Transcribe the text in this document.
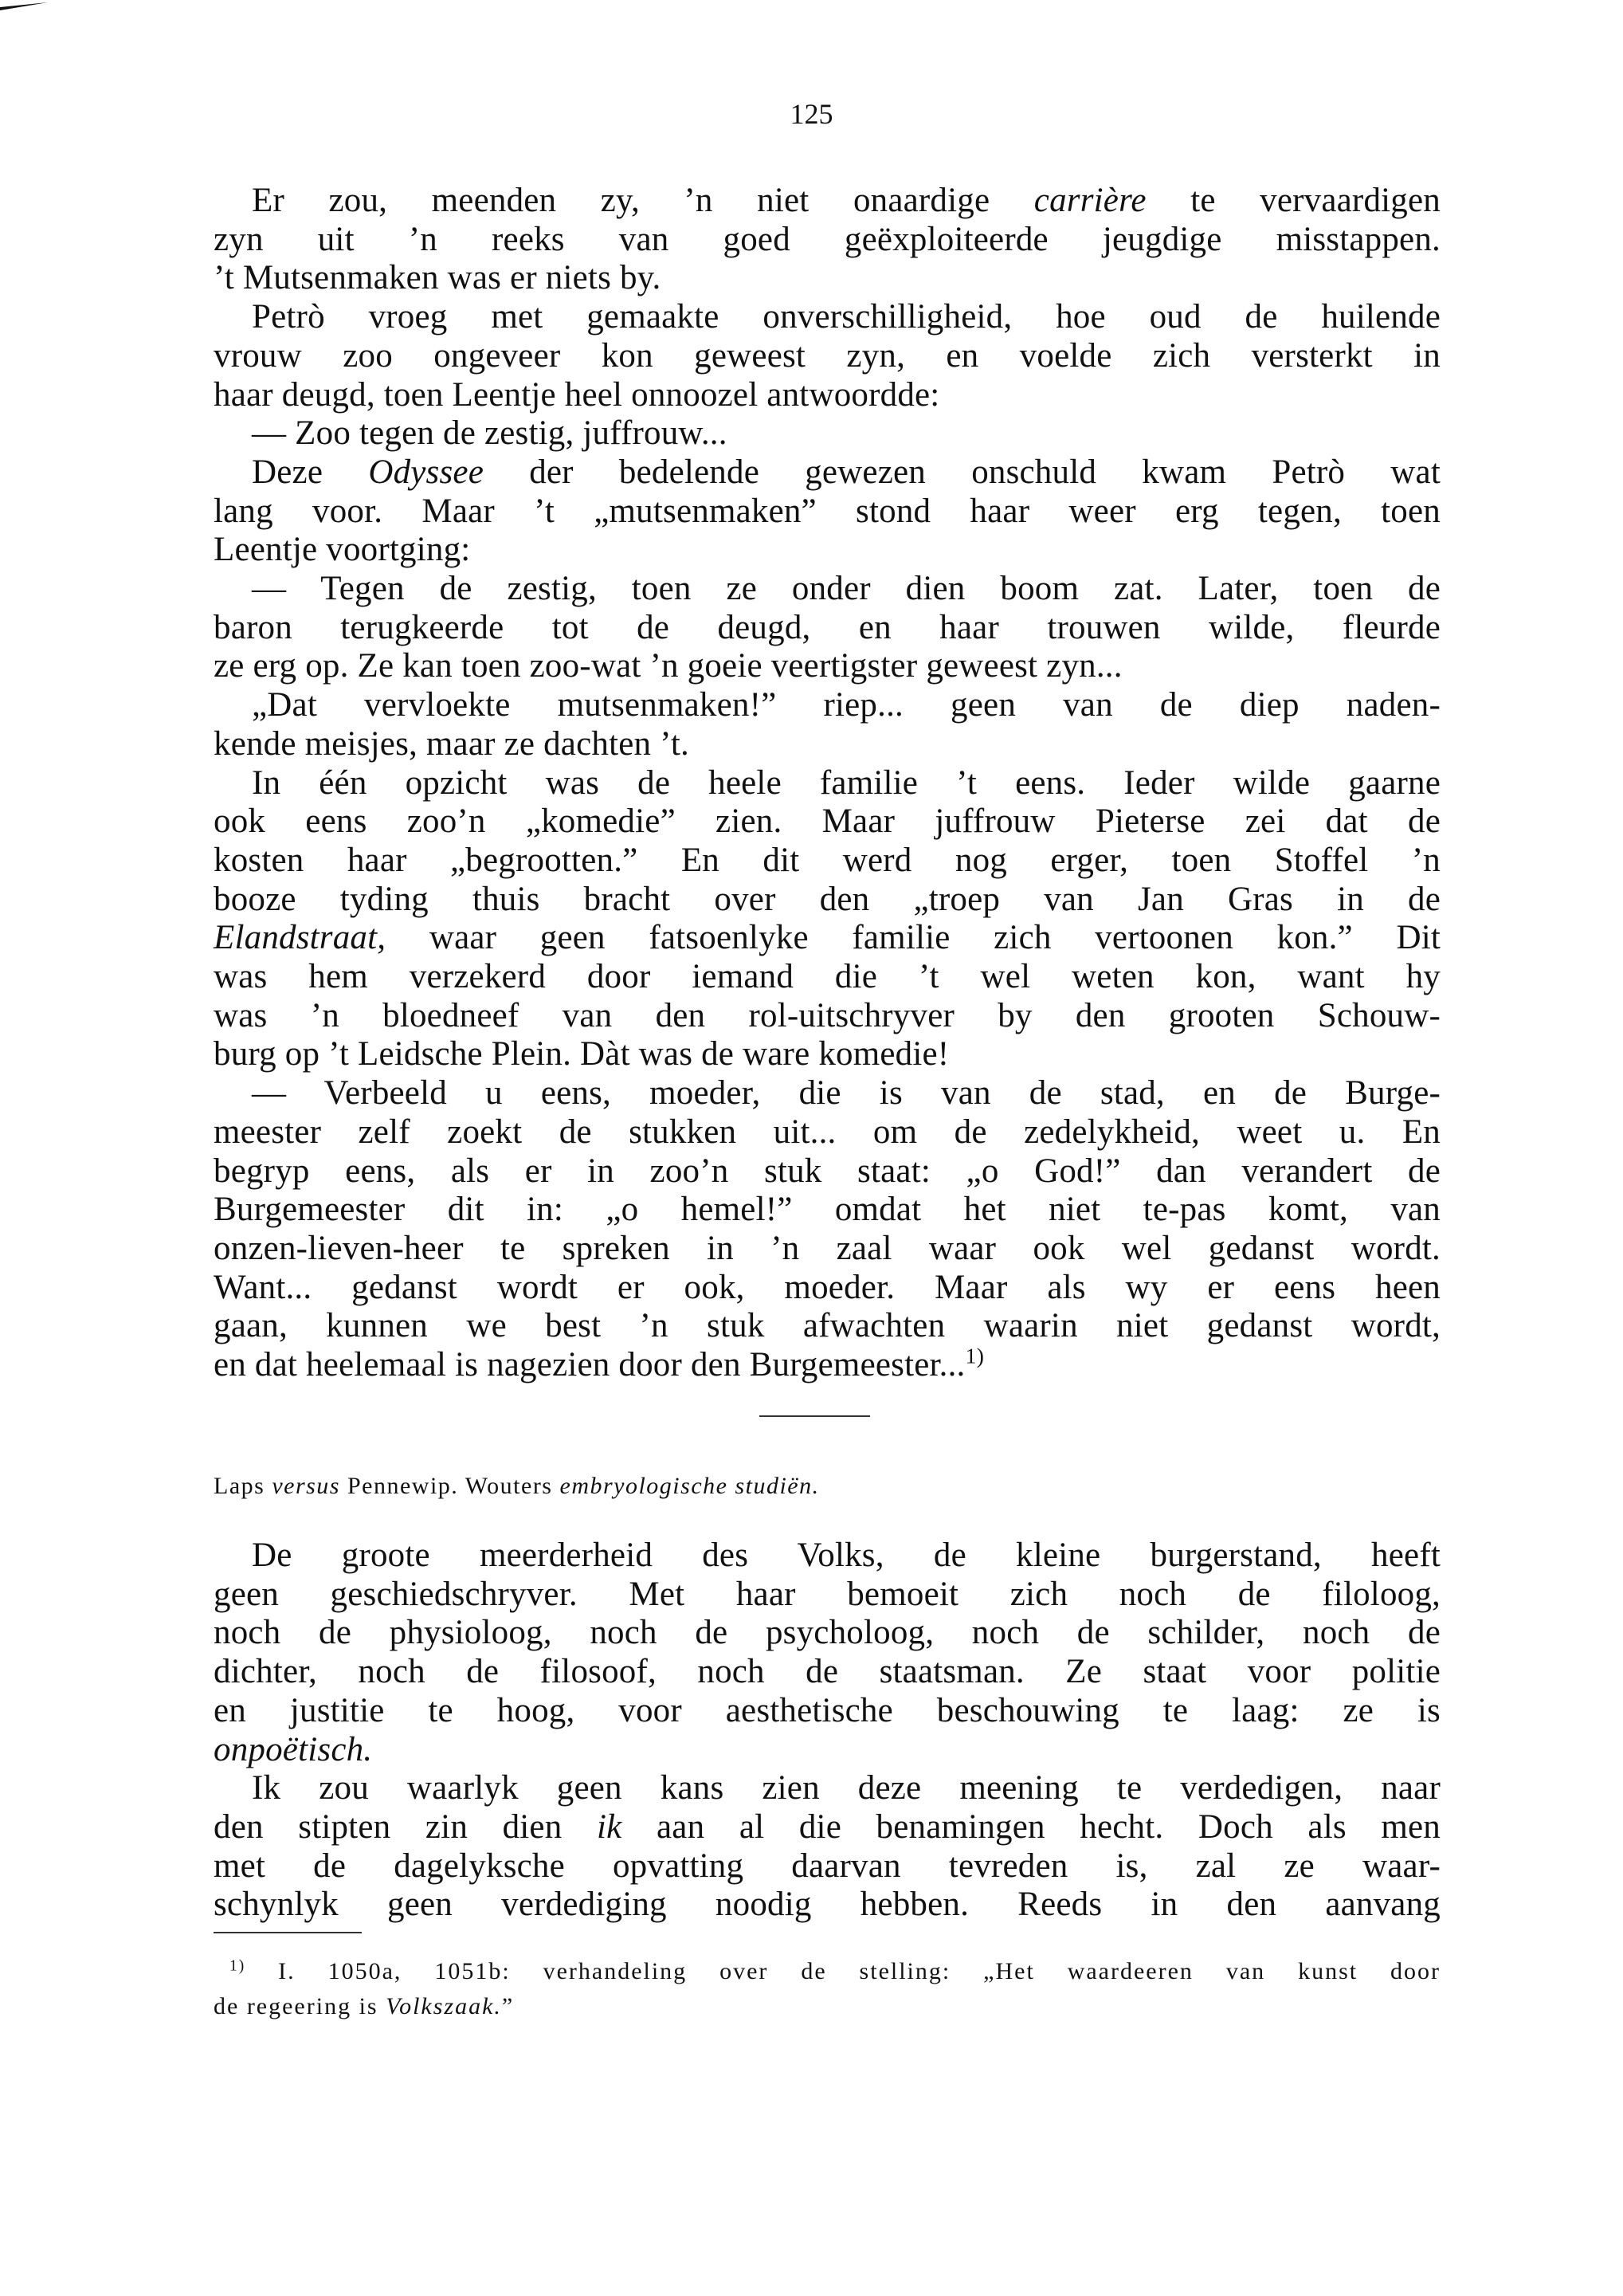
125
Er zou, meenden zy, ’n niet onaardige carrière te vervaardigen
zyn uit ’n reeks van goed geëxploiteerde jeugdige misstappen.
’t Mutsenmaken was er niets by.
Petrò vroeg met gemaakte onverschilligheid, hoe oud de huilende
vrouw zoo ongeveer kon geweest zyn, en voelde zich versterkt in
haar deugd, toen Leentje heel onnoozel antwoordde:
— Zoo tegen de zestig, juffrouw...
Deze Odyssee der bedelende gewezen onschuld kwam Petrò wat
lang voor. Maar ’t „mutsenmaken” stond haar weer erg tegen, toen
Leentje voortging:
— Tegen de zestig, toen ze onder dien boom zat. Later, toen de
baron terugkeerde tot de deugd, en haar trouwen wilde, fleurde
ze erg op. Ze kan toen zoo-wat ’n goeie veertigster geweest zyn...
„Dat vervloekte mutsenmaken!” riep... geen van de diep naden-
kende meisjes, maar ze dachten ’t.
In één opzicht was de heele familie ’t eens. Ieder wilde gaarne
ook eens zoo’n „komedie” zien. Maar juffrouw Pieterse zei dat de
kosten haar „begrootten.” En dit werd nog erger, toen Stoffel ’n
booze tyding thuis bracht over den „troep van Jan Gras in de
Elandstraat, waar geen fatsoenlyke familie zich vertoonen kon.” Dit
was hem verzekerd door iemand die ’t wel weten kon, want hy
was ’n bloedneef van den rol-uitschryver by den grooten Schouw-
burg op ’t Leidsche Plein. Dàt was de ware komedie!
— Verbeeld u eens, moeder, die is van de stad, en de Burge-
meester zelf zoekt de stukken uit... om de zedelykheid, weet u. En
begryp eens, als er in zoo’n stuk staat: „o God!” dan verandert de
Burgemeester dit in: „o hemel!” omdat het niet te-pas komt, van
onzen-lieven-heer te spreken in ’n zaal waar ook wel gedanst wordt.
Want... gedanst wordt er ook, moeder. Maar als wy er eens heen
gaan, kunnen we best ’n stuk afwachten waarin niet gedanst wordt,
en dat heelemaal is nagezien door den Burgemeester...$^{1)}$
Laps versus Pennewip. Wouters embryologische studiën.
De groote meerderheid des Volks, de kleine burgerstand, heeft
geen geschiedschryver. Met haar bemoeit zich noch de filoloog,
noch de physioloog, noch de psycholoog, noch de schilder, noch de
dichter, noch de filosoof, noch de staatsman. Ze staat voor politie
en justitie te hoog, voor aesthetische beschouwing te laag: ze is
onpoëtisch.
Ik zou waarlyk geen kans zien deze meening te verdedigen, naar
den stipten zin dien ik aan al die benamingen hecht. Doch als men
met de dagelyksche opvatting daarvan tevreden is, zal ze waar-
schynlyk geen verdediging noodig hebben. Reeds in den aanvang
$^{1)}$ I. 1050a, 1051b: verhandeling over de stelling: „Het waardeeren van kunst door
de regeering is Volkszaak.”
